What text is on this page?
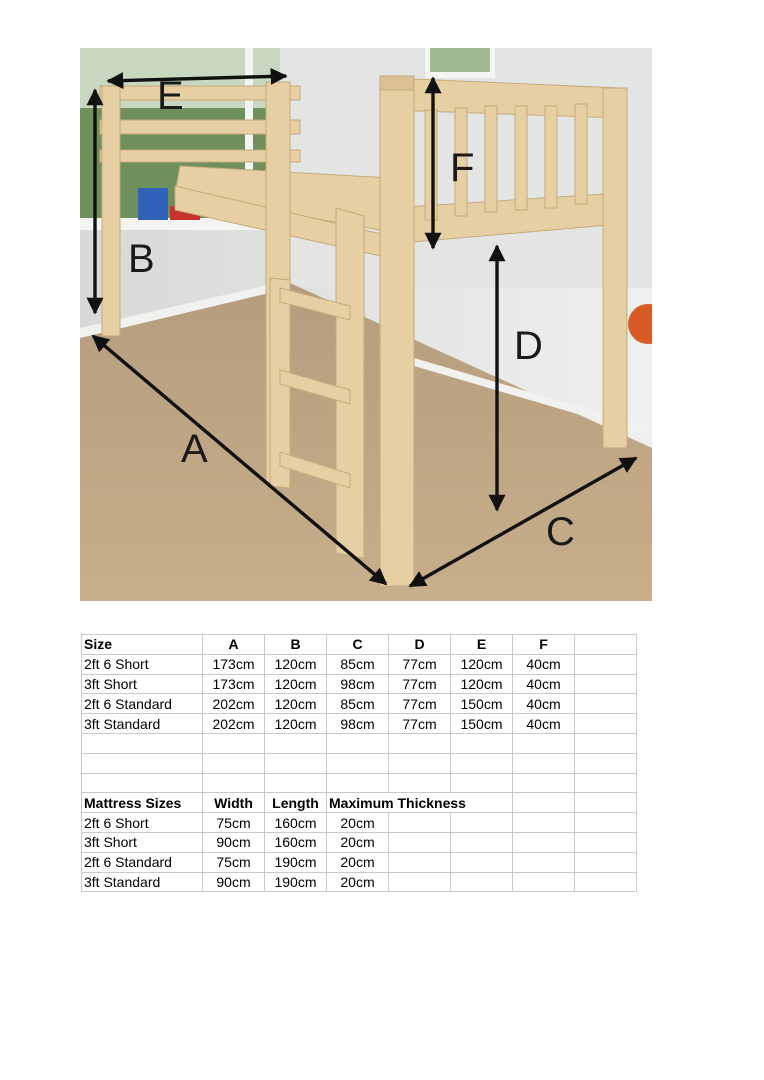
E
B
F
D
A
C
Size	A	B	C	D	E	F	
2ft 6 Short	173cm	120cm	85cm	77cm	120cm	40cm	
3ft Short	173cm	120cm	98cm	77cm	120cm	40cm	
2ft 6 Standard	202cm	120cm	85cm	77cm	150cm	40cm	
3ft Standard	202cm	120cm	98cm	77cm	150cm	40cm	

Mattress Sizes	Width	Length	Maximum Thickness				
2ft 6 Short	75cm	160cm	20cm				
3ft Short	90cm	160cm	20cm				
2ft 6 Standard	75cm	190cm	20cm				
3ft Standard	90cm	190cm	20cm				
